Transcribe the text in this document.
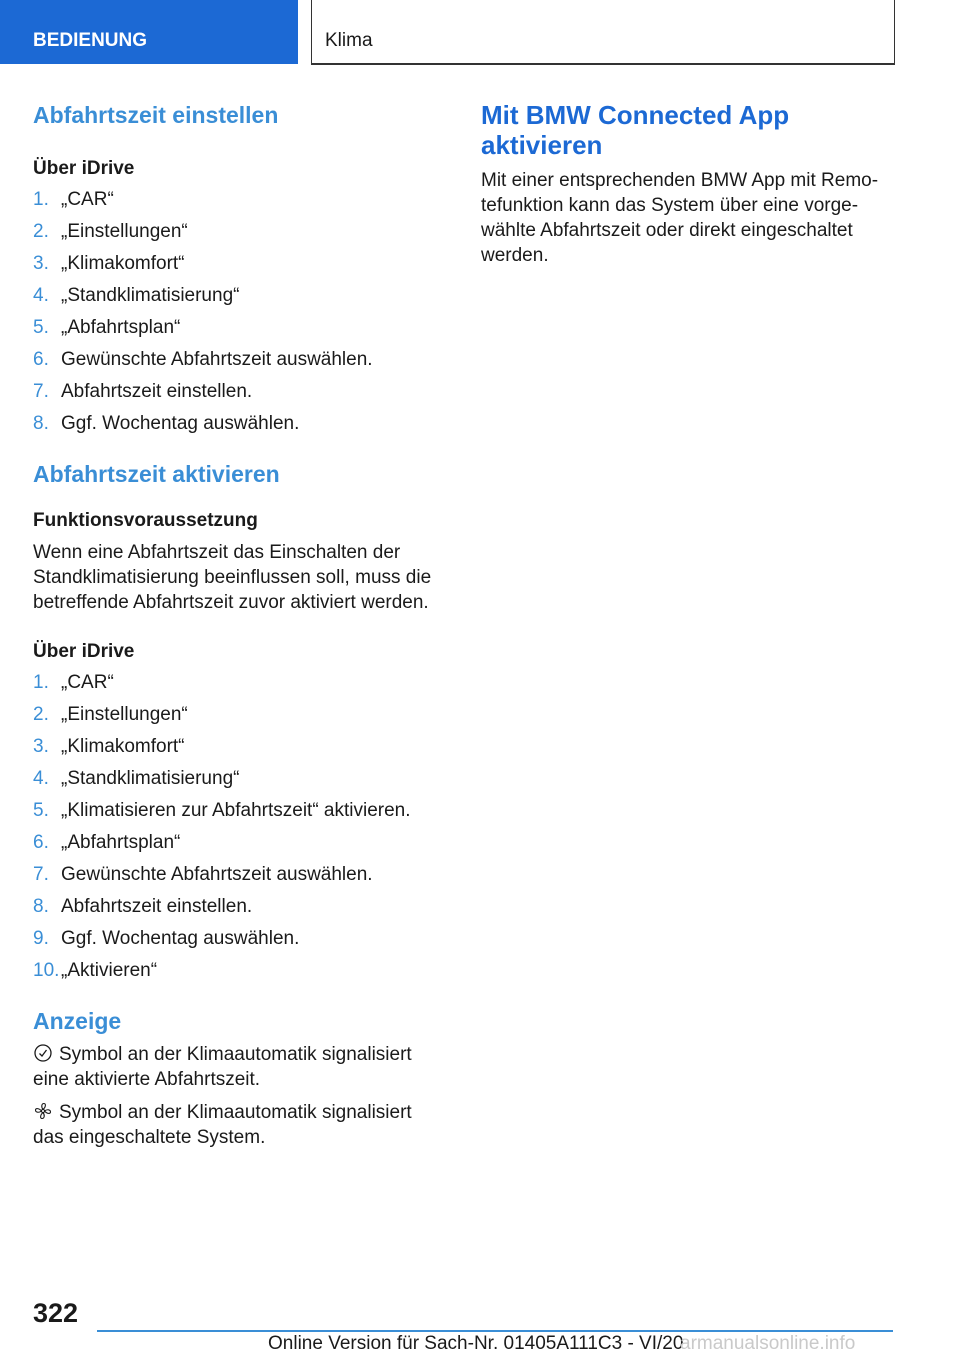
BEDIENUNG	Klima
Abfahrtszeit einstellen
Über iDrive
1. „CAR“
2. „Einstellungen“
3. „Klimakomfort“
4. „Standklimatisierung“
5. „Abfahrtsplan“
6. Gewünschte Abfahrtszeit auswählen.
7. Abfahrtszeit einstellen.
8. Ggf. Wochentag auswählen.
Abfahrtszeit aktivieren
Funktionsvoraussetzung

Wenn eine Abfahrtszeit das Einschalten der Standklimatisierung beeinflussen soll, muss die betreffende Abfahrtszeit zuvor aktiviert werden.

Über iDrive
1. „CAR“
2. „Einstellungen“
3. „Klimakomfort“
4. „Standklimatisierung“
5. „Klimatisieren zur Abfahrtszeit“ aktivieren.
6. „Abfahrtsplan“
7. Gewünschte Abfahrtszeit auswählen.
8. Abfahrtszeit einstellen.
9. Ggf. Wochentag auswählen.
10. „Aktivieren“
Anzeige
Symbol an der Klimaautomatik signalisiert eine aktivierte Abfahrtszeit.
Symbol an der Klimaautomatik signalisiert das eingeschaltete System.
Mit BMW Connected App aktivieren

Mit einer entsprechenden BMW App mit Remotefunktion kann das System über eine vorgewählte Abfahrtszeit oder direkt eingeschaltet werden.

322
Online Version für Sach-Nr. 01405A111C3 - VI/20
armanualsonline.info
